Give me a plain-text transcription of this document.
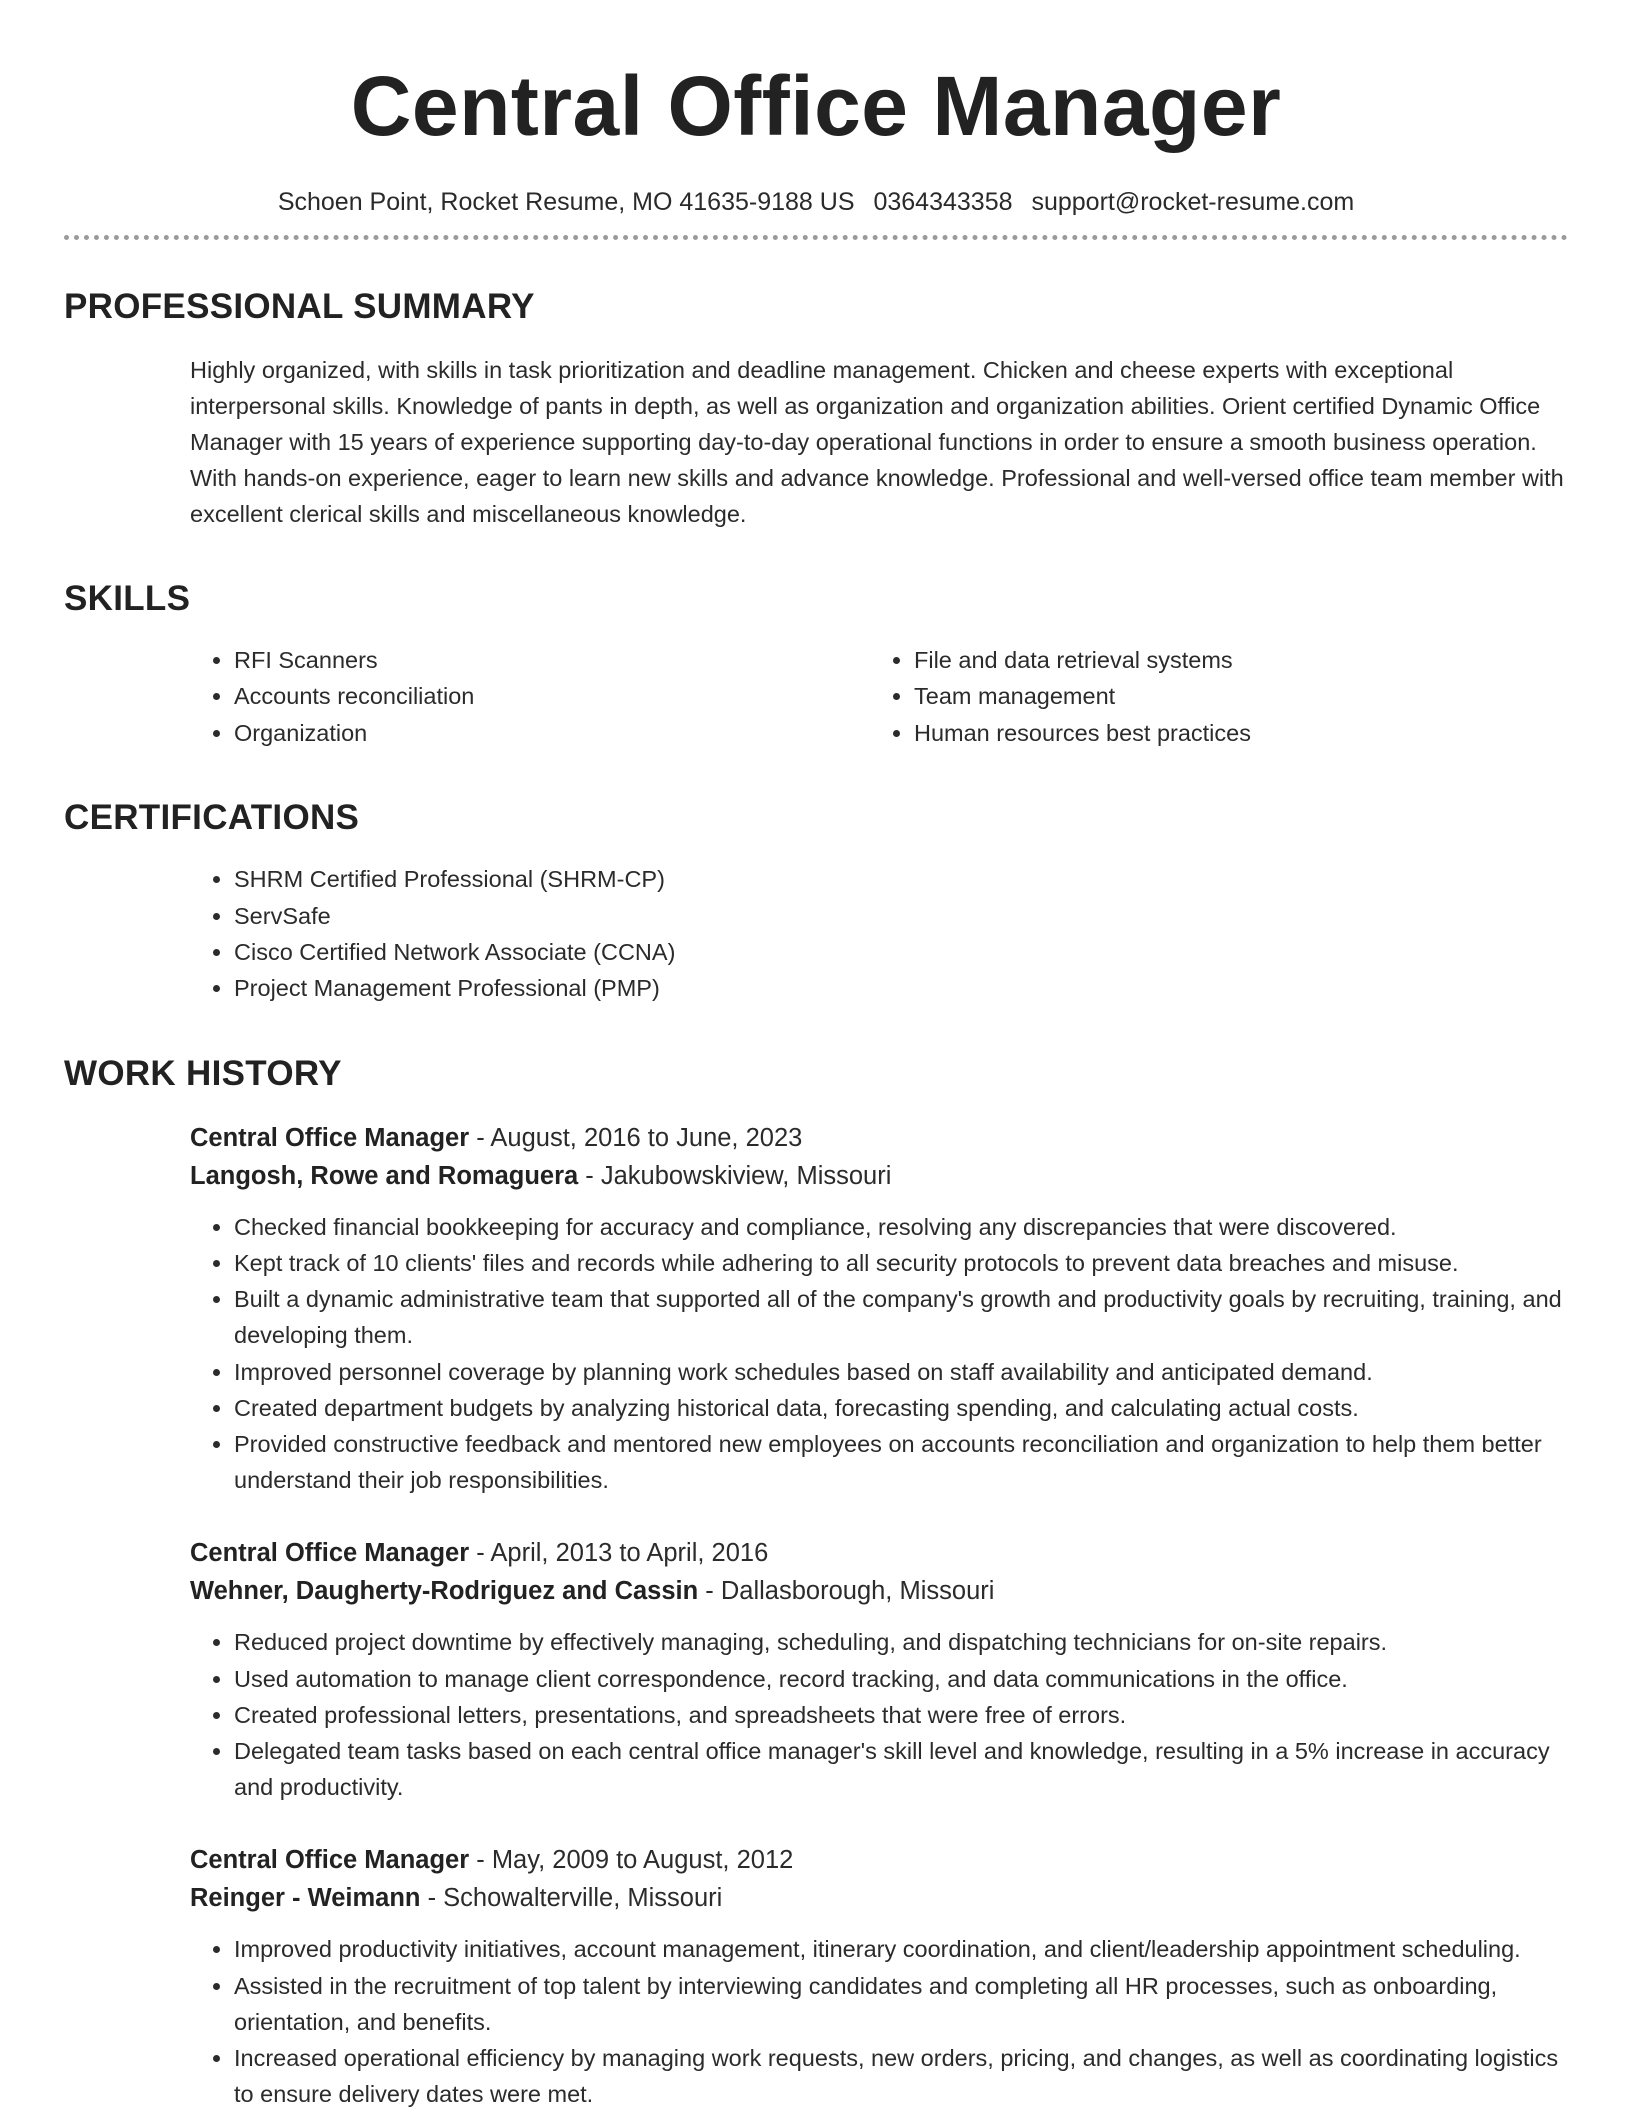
Central Office Manager
Schoen Point, Rocket Resume, MO 41635-9188 US 0364343358 support@rocket-resume.com
PROFESSIONAL SUMMARY
Highly organized, with skills in task prioritization and deadline management. Chicken and cheese experts with exceptional interpersonal skills. Knowledge of pants in depth, as well as organization and organization abilities. Orient certified Dynamic Office Manager with 15 years of experience supporting day-to-day operational functions in order to ensure a smooth business operation. With hands-on experience, eager to learn new skills and advance knowledge. Professional and well-versed office team member with excellent clerical skills and miscellaneous knowledge.
SKILLS
• RFI Scanners
• Accounts reconciliation
• Organization
• File and data retrieval systems
• Team management
• Human resources best practices
CERTIFICATIONS
• SHRM Certified Professional (SHRM-CP)
• ServSafe
• Cisco Certified Network Associate (CCNA)
• Project Management Professional (PMP)
WORK HISTORY
Central Office Manager - August, 2016 to June, 2023
Langosh, Rowe and Romaguera - Jakubowskiview, Missouri
• Checked financial bookkeeping for accuracy and compliance, resolving any discrepancies that were discovered.
• Kept track of 10 clients' files and records while adhering to all security protocols to prevent data breaches and misuse.
• Built a dynamic administrative team that supported all of the company's growth and productivity goals by recruiting, training, and developing them.
• Improved personnel coverage by planning work schedules based on staff availability and anticipated demand.
• Created department budgets by analyzing historical data, forecasting spending, and calculating actual costs.
• Provided constructive feedback and mentored new employees on accounts reconciliation and organization to help them better understand their job responsibilities.
Central Office Manager - April, 2013 to April, 2016
Wehner, Daugherty-Rodriguez and Cassin - Dallasborough, Missouri
• Reduced project downtime by effectively managing, scheduling, and dispatching technicians for on-site repairs.
• Used automation to manage client correspondence, record tracking, and data communications in the office.
• Created professional letters, presentations, and spreadsheets that were free of errors.
• Delegated team tasks based on each central office manager's skill level and knowledge, resulting in a 5% increase in accuracy and productivity.
Central Office Manager - May, 2009 to August, 2012
Reinger - Weimann - Schowalterville, Missouri
• Improved productivity initiatives, account management, itinerary coordination, and client/leadership appointment scheduling.
• Assisted in the recruitment of top talent by interviewing candidates and completing all HR processes, such as onboarding, orientation, and benefits.
• Increased operational efficiency by managing work requests, new orders, pricing, and changes, as well as coordinating logistics to ensure delivery dates were met.
